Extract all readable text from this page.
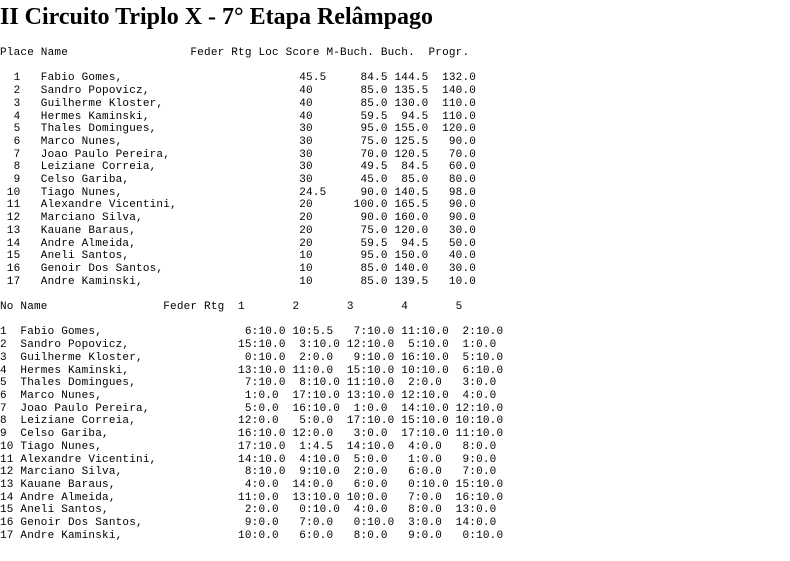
II Circuito Triplo X - 7° Etapa Relâmpago
Place Name                  Feder Rtg Loc Score M-Buch. Buch.  Progr.

1   Fabio Gomes,                          45.5     84.5 144.5  132.0
2   Sandro Popovicz,                      40       85.0 135.5  140.0
3   Guilherme Kloster,                    40       85.0 130.0  110.0
4   Hermes Kaminski,                      40       59.5  94.5  110.0
5   Thales Domingues,                     30       95.0 155.0  120.0
6   Marco Nunes,                          30       75.0 125.5   90.0
7   Joao Paulo Pereira,                   30       70.0 120.5   70.0
8   Leiziane Correia,                     30       49.5  84.5   60.0
9   Celso Gariba,                         30       45.0  85.0   80.0
10   Tiago Nunes,                          24.5     90.0 140.5   98.0
11   Alexandre Vicentini,                  20      100.0 165.5   90.0
12   Marciano Silva,                       20       90.0 160.0   90.0
13   Kauane Baraus,                        20       75.0 120.0   30.0
14   Andre Almeida,                        20       59.5  94.5   50.0
15   Aneli Santos,                         10       95.0 150.0   40.0
16   Genoir Dos Santos,                    10       85.0 140.0   30.0
17   Andre Kaminski,                       10       85.0 139.5   10.0

No Name                 Feder Rtg  1       2       3       4       5

1  Fabio Gomes,                     6:10.0 10:5.5   7:10.0 11:10.0  2:10.0
2  Sandro Popovicz,                15:10.0  3:10.0 12:10.0  5:10.0  1:0.0
3  Guilherme Kloster,               0:10.0  2:0.0   9:10.0 16:10.0  5:10.0
4  Hermes Kaminski,                13:10.0 11:0.0  15:10.0 10:10.0  6:10.0
5  Thales Domingues,                7:10.0  8:10.0 11:10.0  2:0.0   3:0.0
6  Marco Nunes,                     1:0.0  17:10.0 13:10.0 12:10.0  4:0.0
7  Joao Paulo Pereira,              5:0.0  16:10.0  1:0.0  14:10.0 12:10.0
8  Leiziane Correia,               12:0.0   5:0.0  17:10.0 15:10.0 10:10.0
9  Celso Gariba,                   16:10.0 12:0.0   3:0.0  17:10.0 11:10.0
10 Tiago Nunes,                    17:10.0  1:4.5  14:10.0  4:0.0   8:0.0
11 Alexandre Vicentini,            14:10.0  4:10.0  5:0.0   1:0.0   9:0.0
12 Marciano Silva,                  8:10.0  9:10.0  2:0.0   6:0.0   7:0.0
13 Kauane Baraus,                   4:0.0  14:0.0   6:0.0   0:10.0 15:10.0
14 Andre Almeida,                  11:0.0  13:10.0 10:0.0   7:0.0  16:10.0
15 Aneli Santos,                    2:0.0   0:10.0  4:0.0   8:0.0  13:0.0
16 Genoir Dos Santos,               9:0.0   7:0.0   0:10.0  3:0.0  14:0.0
17 Andre Kaminski,                 10:0.0   6:0.0   8:0.0   9:0.0   0:10.0
